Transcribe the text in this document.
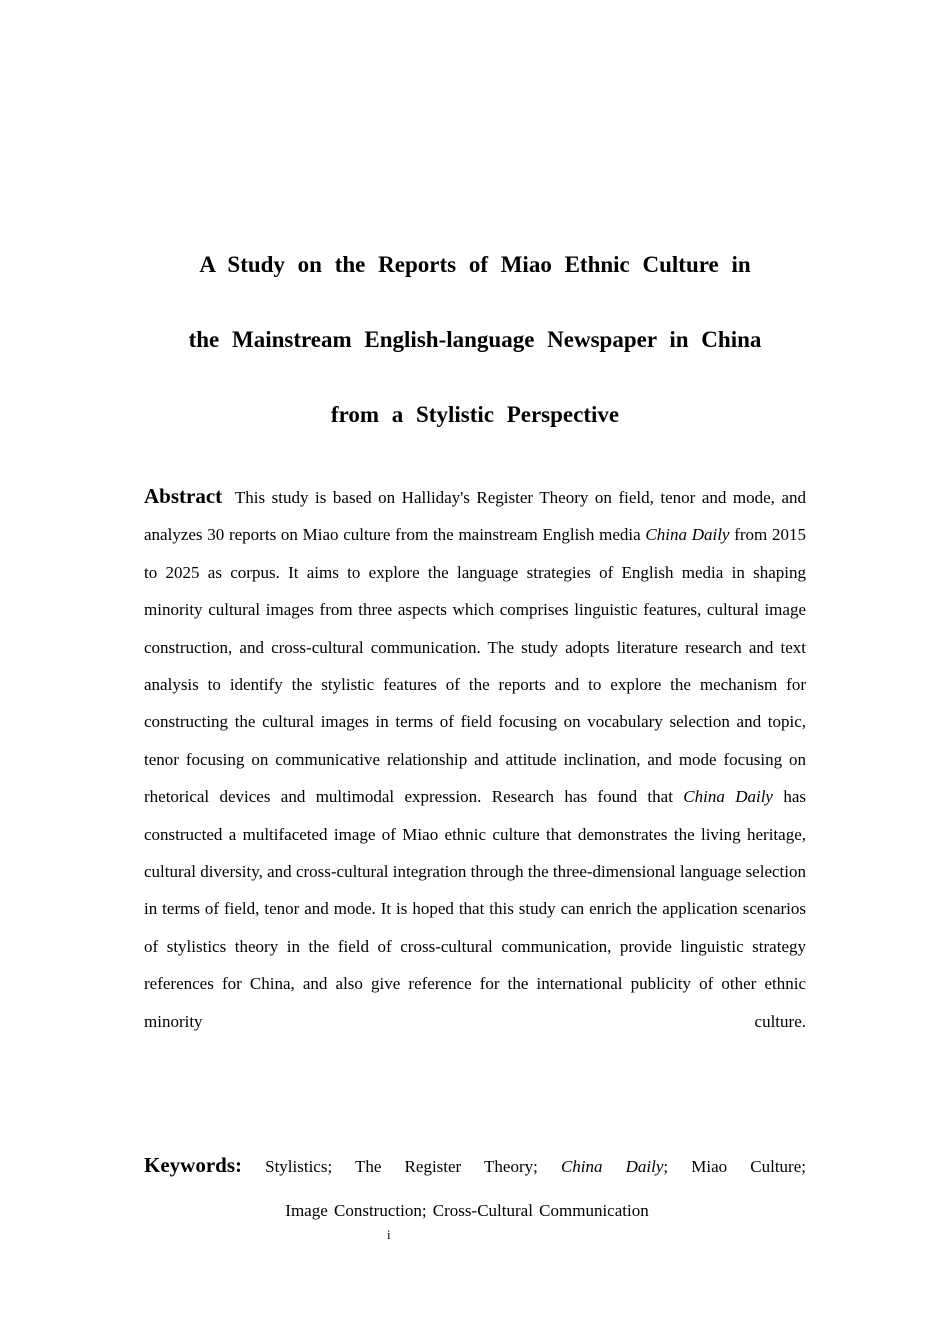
A Study on the Reports of Miao Ethnic Culture in
the Mainstream English-language Newspaper in China
from a Stylistic Perspective

Abstract This study is based on Halliday's Register Theory on field, tenor and mode, and analyzes 30 reports on Miao culture from the mainstream English media China Daily from 2015 to 2025 as corpus. It aims to explore the language strategies of English media in shaping minority cultural images from three aspects which comprises linguistic features, cultural image construction, and cross-cultural communication. The study adopts literature research and text analysis to identify the stylistic features of the reports and to explore the mechanism for constructing the cultural images in terms of field focusing on vocabulary selection and topic, tenor focusing on communicative relationship and attitude inclination, and mode focusing on rhetorical devices and multimodal expression. Research has found that China Daily has constructed a multifaceted image of Miao ethnic culture that demonstrates the living heritage, cultural diversity, and cross-cultural integration through the three-dimensional language selection in terms of field, tenor and mode. It is hoped that this study can enrich the application scenarios of stylistics theory in the field of cross-cultural communication, provide linguistic strategy references for China, and also give reference for the international publicity of other ethnic minority culture.

Keywords: Stylistics; The Register Theory; China Daily; Miao Culture;

Image Construction; Cross-Cultural Communication

i
